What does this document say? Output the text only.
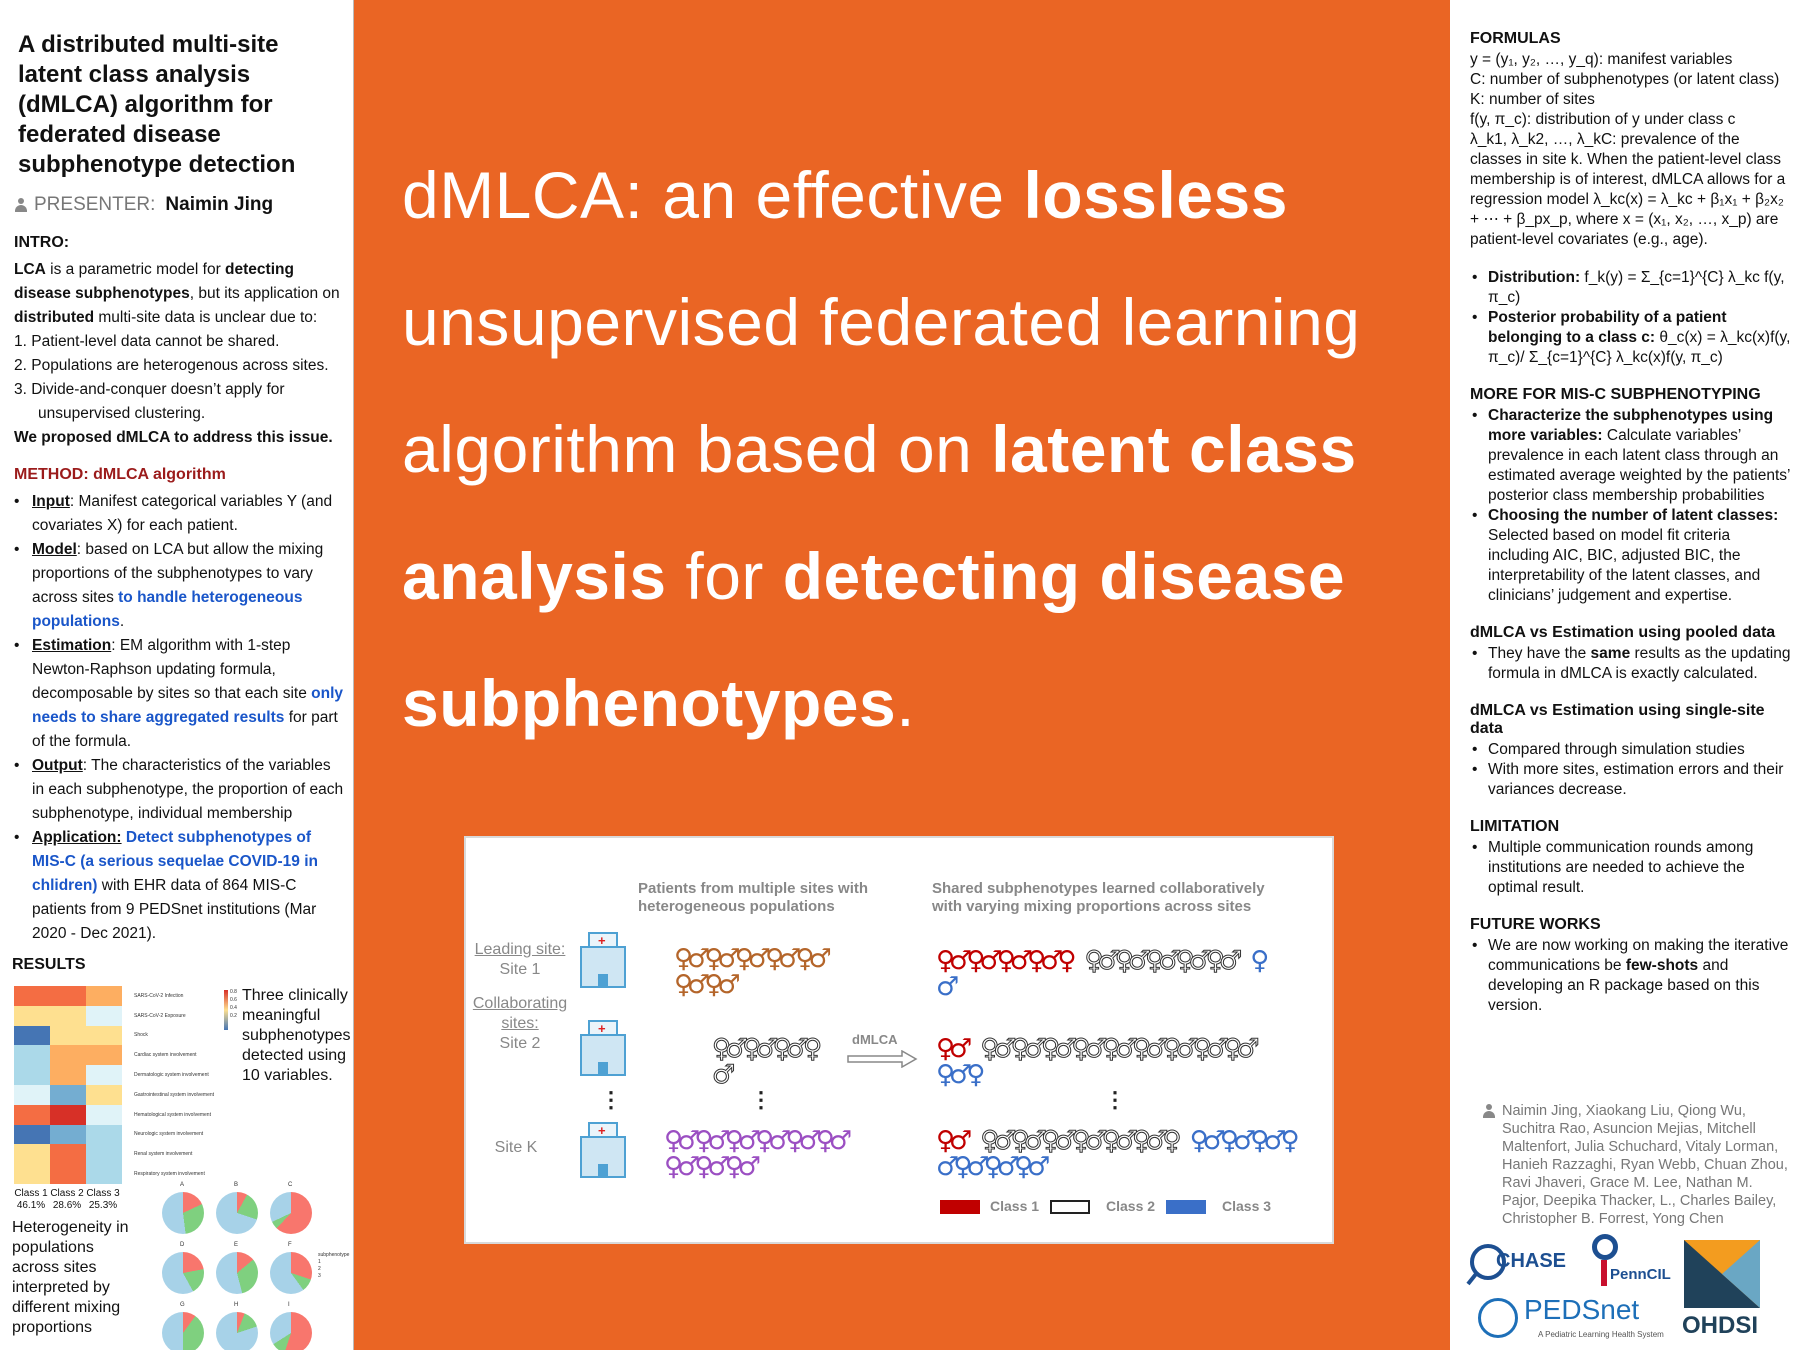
A distributed multi-site latent class analysis (dMLCA) algorithm for federated disease subphenotype detection
PRESENTER: Naimin Jing
INTRO:
LCA is a parametric model for detecting disease subphenotypes, but its application on distributed multi-site data is unclear due to:
1. Patient-level data cannot be shared.
2. Populations are heterogenous across sites.
3. Divide-and-conquer doesn’t apply for unsupervised clustering.
We proposed dMLCA to address this issue.
METHOD: dMLCA algorithm
• Input: Manifest categorical variables Y (and covariates X) for each patient.
• Model: based on LCA but allow the mixing proportions of the subphenotypes to vary across sites to handle heterogeneous populations.
• Estimation: EM algorithm with 1-step Newton-Raphson updating formula, decomposable by sites so that each site only needs to share aggregated results for part of the formula.
• Output: The characteristics of the variables in each subphenotype, the proportion of each subphenotype, individual membership
• Application: Detect subphenotypes of MIS-C (a serious sequelae COVID-19 in chlidren) with EHR data of 864 MIS-C patients from 9 PEDSnet institutions (Mar 2020 - Dec 2021).
RESULTS
SARS-CoV-2 Infection
SARS-CoV-2 Exposure
Shock
Cardiac system involvement
Dermatologic system involvement
Gastrointestinal system involvement
Hematological system involvement
Neurologic system involvement
Renal system involvement
Respiratory system involvement
0.8
0.6
0.4
0.2
Three clinically meaningful subphenotypes detected using 10 variables.
Class 1
46.1%
Class 2
28.6%
Class 3
25.3%
Heterogeneity in populations across sites interpreted by different mixing proportions
A	B	C
D	E	F
G	H	I
subphenotype
1
2
3
dMLCA: an effective lossless unsupervised federated learning algorithm based on latent class analysis for detecting disease subphenotypes.
Patients from multiple sites with heterogeneous populations
Shared subphenotypes learned collaboratively with varying mixing proportions across sites
Leading site:
Site 1
Collaborating sites:
Site 2
Site K
+
+
+
⋮
♀ ♂ ♀ ♂ ♀ ♂ ♀ ♂ ♀ ♂
♀ ♂ ♀ ♂
♀ ♂ ♀ ♂ ♀ ♂ ♀
♂
⋮
♀ ♂ ♀ ♂ ♀ ♂ ♀ ♂ ♀ ♂ ♀ ♂
♀ ♂ ♀ ♂ ♀ ♂
dMLCA
♀ ♂ ♀ ♂ ♀ ♂ ♀ ♂ ♀ ♀ ♂ ♀ ♂ ♀ ♂ ♀ ♂ ♀ ♂ ♀
♂
♀ ♂ ♀ ♂ ♀ ♂ ♀ ♂ ♀ ♂ ♀ ♂ ♀ ♂ ♀ ♂ ♀ ♂ ♀ ♂
♀ ♂ ♀
⋮
♀ ♂ ♀ ♂ ♀ ♂ ♀ ♂ ♀ ♂ ♀ ♂ ♀ ♂ ♀ ♀ ♂ ♀ ♂ ♀ ♂ ♀
♂ ♀ ♂ ♀ ♂ ♀ ♂
Class 1	Class 2	Class 3
FORMULAS
y = (y₁, y₂, …, y_q): manifest variables
C: number of subphenotypes (or latent class)
K: number of sites
f(y, π_c): distribution of y under class c
λ_k1, λ_k2, …, λ_kC: prevalence of the classes in site k. When the patient-level class membership is of interest, dMLCA allows for a regression model λ_kc(x) = λ_kc + β₁x₁ + β₂x₂ + ⋯ + β_px_p, where x = (x₁, x₂, …, x_p) are patient-level covariates (e.g., age).
• Distribution: f_k(y) = Σ_{c=1}^{C} λ_kc f(y, π_c)
• Posterior probability of a patient belonging to a class c: θ_c(x) = λ_kc(x)f(y, π_c)/ Σ_{c=1}^{C} λ_kc(x)f(y, π_c)
MORE FOR MIS-C SUBPHENOTYPING
• Characterize the subphenotypes using more variables: Calculate variables’ prevalence in each latent class through an estimated average weighted by the patients’ posterior class membership probabilities
• Choosing the number of latent classes: Selected based on model fit criteria including AIC, BIC, adjusted BIC, the interpretability of the latent classes, and clinicians’ judgement and expertise.
dMLCA vs Estimation using pooled data
• They have the same results as the updating formula in dMLCA is exactly calculated.
dMLCA vs Estimation using single-site data
• Compared through simulation studies
• With more sites, estimation errors and their variances decrease.
LIMITATION
• Multiple communication rounds among institutions are needed to achieve the optimal result.
FUTURE WORKS
• We are now working on making the iterative communications be few-shots and developing an R package based on this version.
Naimin Jing, Xiaokang Liu, Qiong Wu, Suchitra Rao, Asuncion Mejias, Mitchell Maltenfort, Julia Schuchard, Vitaly Lorman, Hanieh Razzaghi, Ryan Webb, Chuan Zhou, Ravi Jhaveri, Grace M. Lee, Nathan M. Pajor, Deepika Thacker, L., Charles Bailey, Christopher B. Forrest, Yong Chen
CHASE
PennCIL
OHDSI
PEDSnet
A Pediatric Learning Health System
